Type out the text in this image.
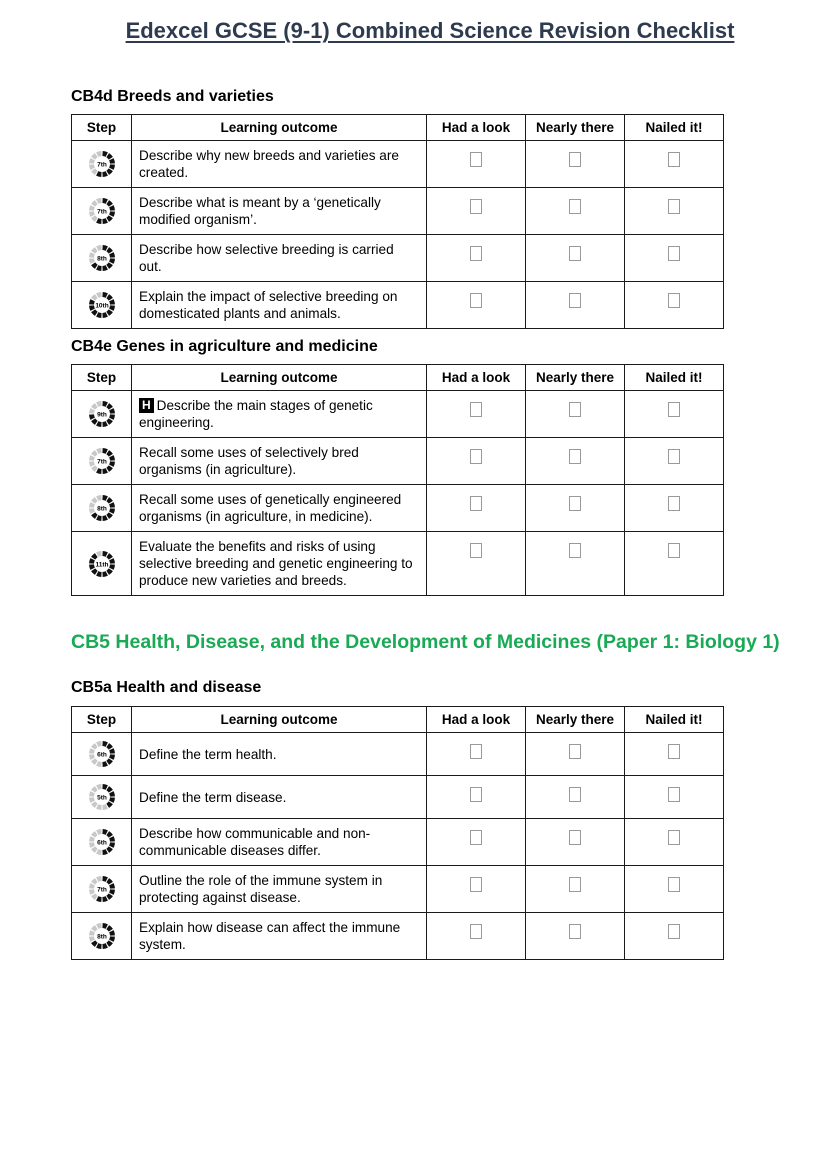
Edexcel GCSE (9-1) Combined Science Revision Checklist
CB4d Breeds and varieties
Step	Learning outcome	Had a look	Nearly there	Nailed it!

7th	Describe why new breeds and varieties are created.			

7th	Describe what is meant by a ‘genetically modified organism’.			

8th	Describe how selective breeding is carried out.			

10th	Explain the impact of selective breeding on domesticated plants and animals.			
CB4e Genes in agriculture and medicine
Step	Learning outcome	Had a look	Nearly there	Nailed it!

9th	H Describe the main stages of genetic engineering.			

7th	Recall some uses of selectively bred organisms (in agriculture).			

8th	Recall some uses of genetically engineered organisms (in agriculture, in medicine).			

11th	Evaluate the benefits and risks of using selective breeding and genetic engineering to produce new varieties and breeds.			
CB5 Health, Disease, and the Development of Medicines (Paper 1: Biology 1)
CB5a Health and disease
Step	Learning outcome	Had a look	Nearly there	Nailed it!

6th	Define the term health.			

5th	Define the term disease.			

6th	Describe how communicable and non-communicable diseases differ.			

7th	Outline the role of the immune system in protecting against disease.			

8th	Explain how disease can affect the immune system.			
